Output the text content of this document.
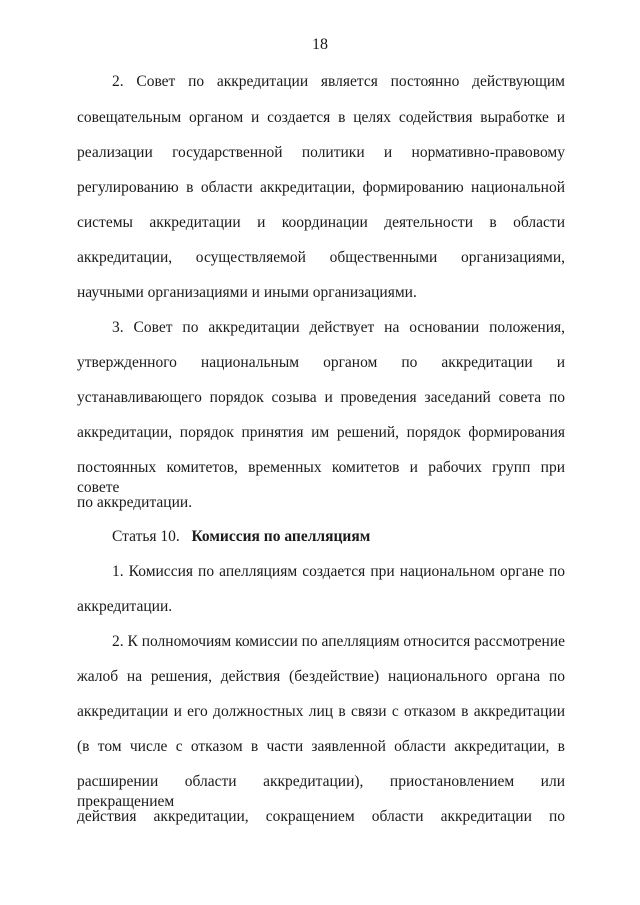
18
2. Совет по аккредитации является постоянно действующим
совещательным органом и создается в целях содействия выработке и
реализации государственной политики и нормативно-правовому
регулированию в области аккредитации, формированию национальной
системы аккредитации и координации деятельности в области
аккредитации, осуществляемой общественными организациями,
научными организациями и иными организациями.
3. Совет по аккредитации действует на основании положения,
утвержденного национальным органом по аккредитации и
устанавливающего порядок созыва и проведения заседаний совета по
аккредитации, порядок принятия им решений, порядок формирования
постоянных комитетов, временных комитетов и рабочих групп при совете
по аккредитации.
Статья 10. Комиссия по апелляциям
1. Комиссия по апелляциям создается при национальном органе по
аккредитации.
2. К полномочиям комиссии по апелляциям относится рассмотрение
жалоб на решения, действия (бездействие) национального органа по
аккредитации и его должностных лиц в связи с отказом в аккредитации
(в том числе с отказом в части заявленной области аккредитации, в
расширении области аккредитации), приостановлением или прекращением
действия аккредитации, сокращением области аккредитации по
